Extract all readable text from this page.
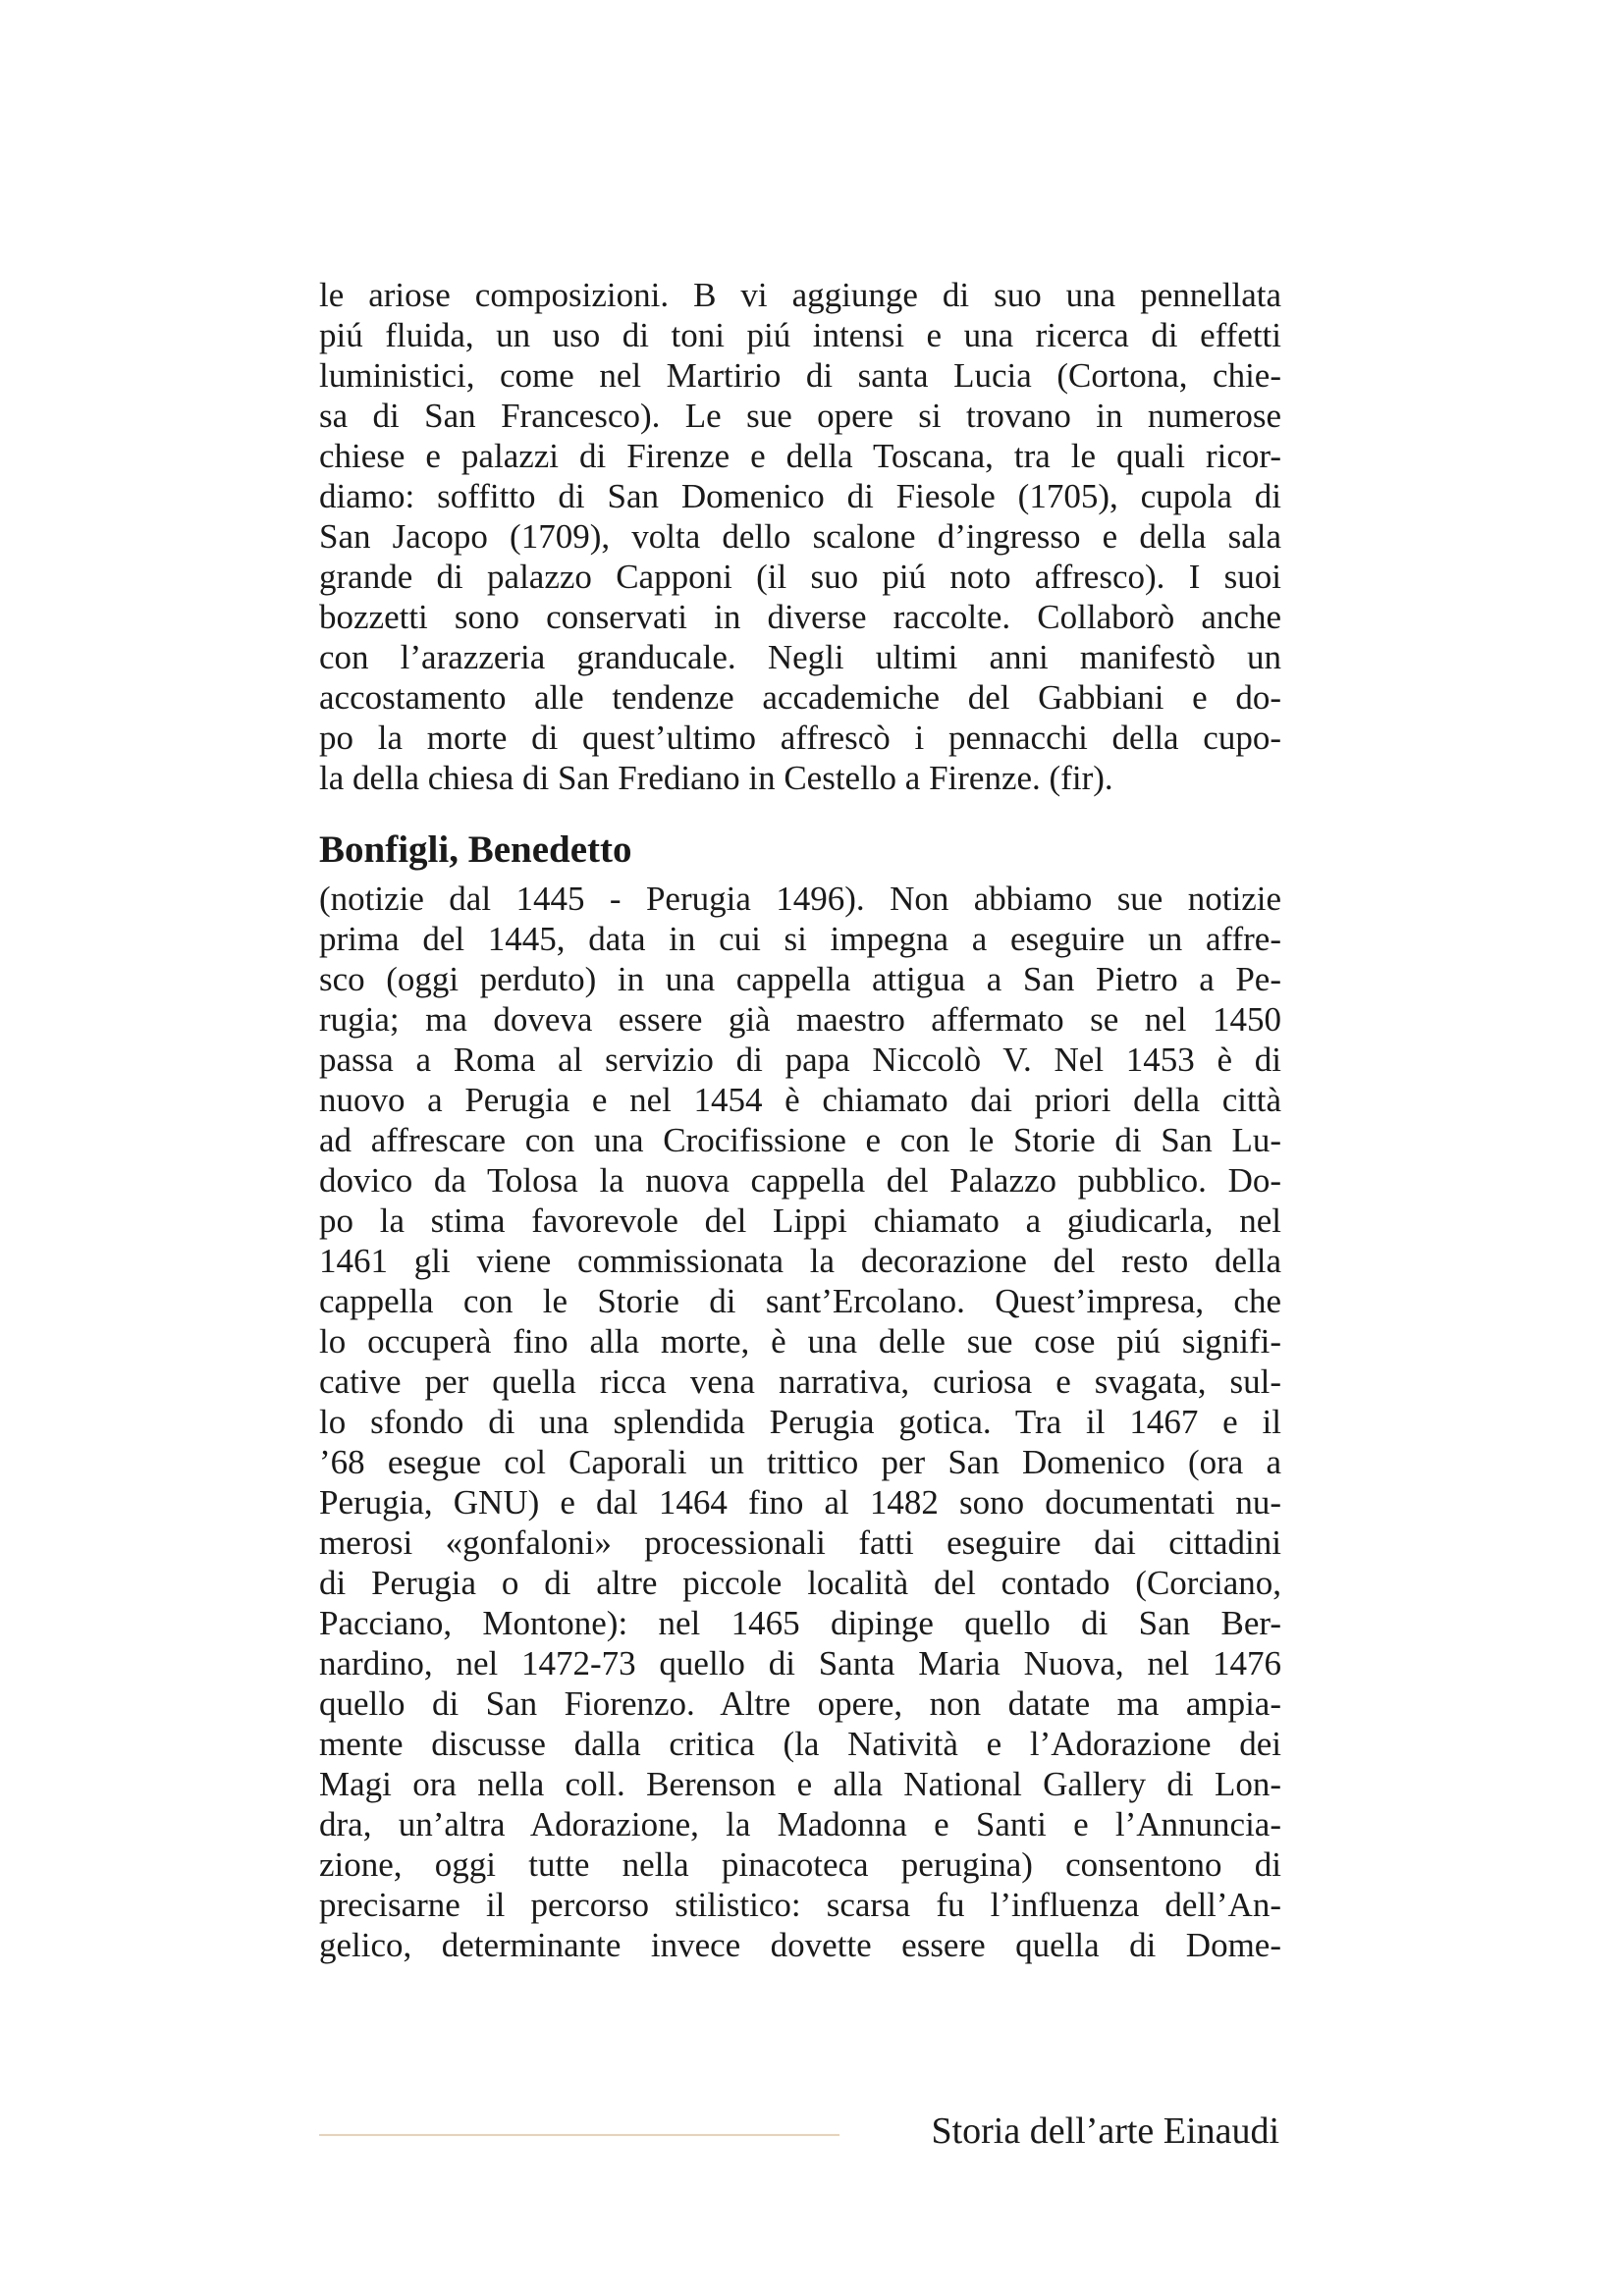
le ariose composizioni. B vi aggiunge di suo una pennellata
piú fluida, un uso di toni piú intensi e una ricerca di effetti
luministici, come nel Martirio di santa Lucia (Cortona, chie-
sa di San Francesco). Le sue opere si trovano in numerose
chiese e palazzi di Firenze e della Toscana, tra le quali ricor-
diamo: soffitto di San Domenico di Fiesole (1705), cupola di
San Jacopo (1709), volta dello scalone d’ingresso e della sala
grande di palazzo Capponi (il suo piú noto affresco). I suoi
bozzetti sono conservati in diverse raccolte. Collaborò anche
con l’arazzeria granducale. Negli ultimi anni manifestò un
accostamento alle tendenze accademiche del Gabbiani e do-
po la morte di quest’ultimo affrescò i pennacchi della cupo-
la della chiesa di San Frediano in Cestello a Firenze. (fir).
Bonfigli, Benedetto
(notizie dal 1445 - Perugia 1496). Non abbiamo sue notizie
prima del 1445, data in cui si impegna a eseguire un affre-
sco (oggi perduto) in una cappella attigua a San Pietro a Pe-
rugia; ma doveva essere già maestro affermato se nel 1450
passa a Roma al servizio di papa Niccolò V. Nel 1453 è di
nuovo a Perugia e nel 1454 è chiamato dai priori della città
ad affrescare con una Crocifissione e con le Storie di San Lu-
dovico da Tolosa la nuova cappella del Palazzo pubblico. Do-
po la stima favorevole del Lippi chiamato a giudicarla, nel
1461 gli viene commissionata la decorazione del resto della
cappella con le Storie di sant’Ercolano. Quest’impresa, che
lo occuperà fino alla morte, è una delle sue cose piú signifi-
cative per quella ricca vena narrativa, curiosa e svagata, sul-
lo sfondo di una splendida Perugia gotica. Tra il 1467 e il
’68 esegue col Caporali un trittico per San Domenico (ora a
Perugia, GNU) e dal 1464 fino al 1482 sono documentati nu-
merosi «gonfaloni» processionali fatti eseguire dai cittadini
di Perugia o di altre piccole località del contado (Corciano,
Pacciano, Montone): nel 1465 dipinge quello di San Ber-
nardino, nel 1472-73 quello di Santa Maria Nuova, nel 1476
quello di San Fiorenzo. Altre opere, non datate ma ampia-
mente discusse dalla critica (la Natività e l’Adorazione dei
Magi ora nella coll. Berenson e alla National Gallery di Lon-
dra, un’altra Adorazione, la Madonna e Santi e l’Annuncia-
zione, oggi tutte nella pinacoteca perugina) consentono di
precisarne il percorso stilistico: scarsa fu l’influenza dell’An-
gelico, determinante invece dovette essere quella di Dome-
Storia dell’arte Einaudi
